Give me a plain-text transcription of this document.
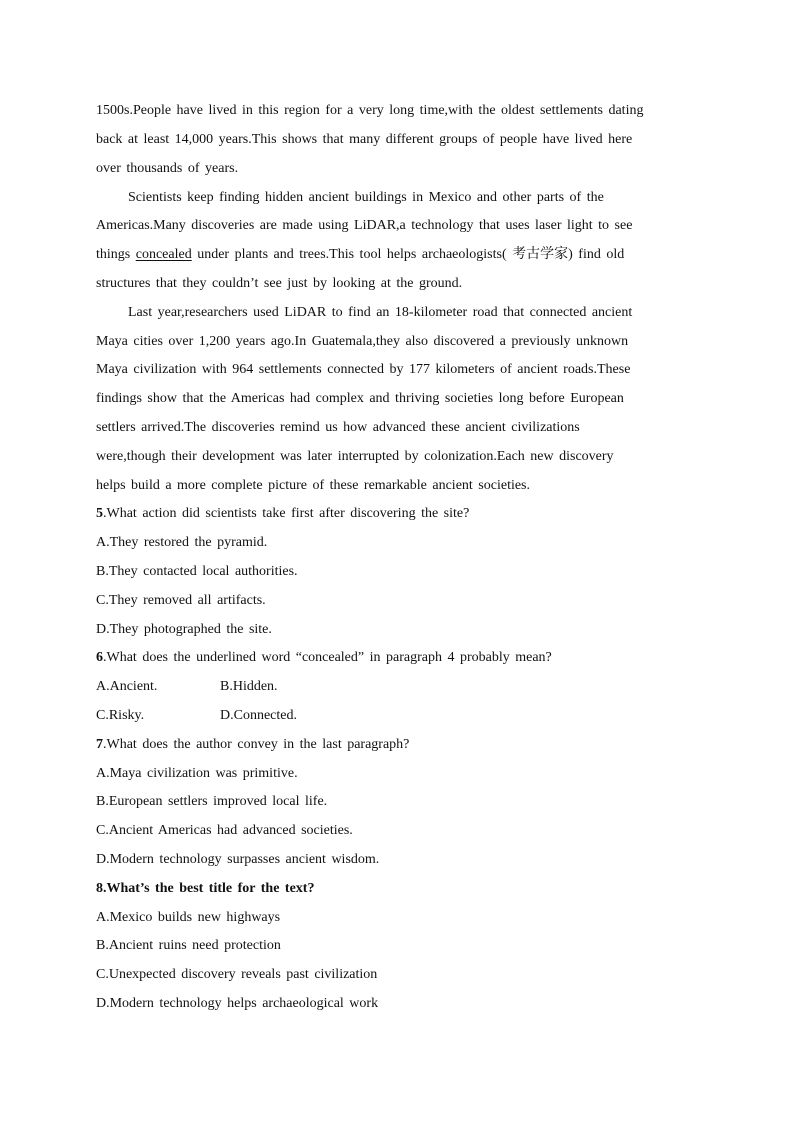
1500s.People have lived in this region for a very long time,with the oldest settlements dating
back at least 14,000 years.This shows that many different groups of people have lived here
over thousands of years.
Scientists keep finding hidden ancient buildings in Mexico and other parts of the
Americas.Many discoveries are made using LiDAR,a technology that uses laser light to see
things concealed under plants and trees.This tool helps archaeologists( 考古学家) find old
structures that they couldn’t see just by looking at the ground.
Last year,researchers used LiDAR to find an 18-kilometer road that connected ancient
Maya cities over 1,200 years ago.In Guatemala,they also discovered a previously unknown
Maya civilization with 964 settlements connected by 177 kilometers of ancient roads.These
findings show that the Americas had complex and thriving societies long before European
settlers arrived.The discoveries remind us how advanced these ancient civilizations
were,though their development was later interrupted by colonization.Each new discovery
helps build a more complete picture of these remarkable ancient societies.
5.What action did scientists take first after discovering the site?
A.They restored the pyramid.
B.They contacted local authorities.
C.They removed all artifacts.
D.They photographed the site.
6.What does the underlined word “concealed” in paragraph 4 probably mean?
A.Ancient.	B.Hidden.
C.Risky.	D.Connected.
7.What does the author convey in the last paragraph?
A.Maya civilization was primitive.
B.European settlers improved local life.
C.Ancient Americas had advanced societies.
D.Modern technology surpasses ancient wisdom.
8.What’s the best title for the text?
A.Mexico builds new highways
B.Ancient ruins need protection
C.Unexpected discovery reveals past civilization
D.Modern technology helps archaeological work
